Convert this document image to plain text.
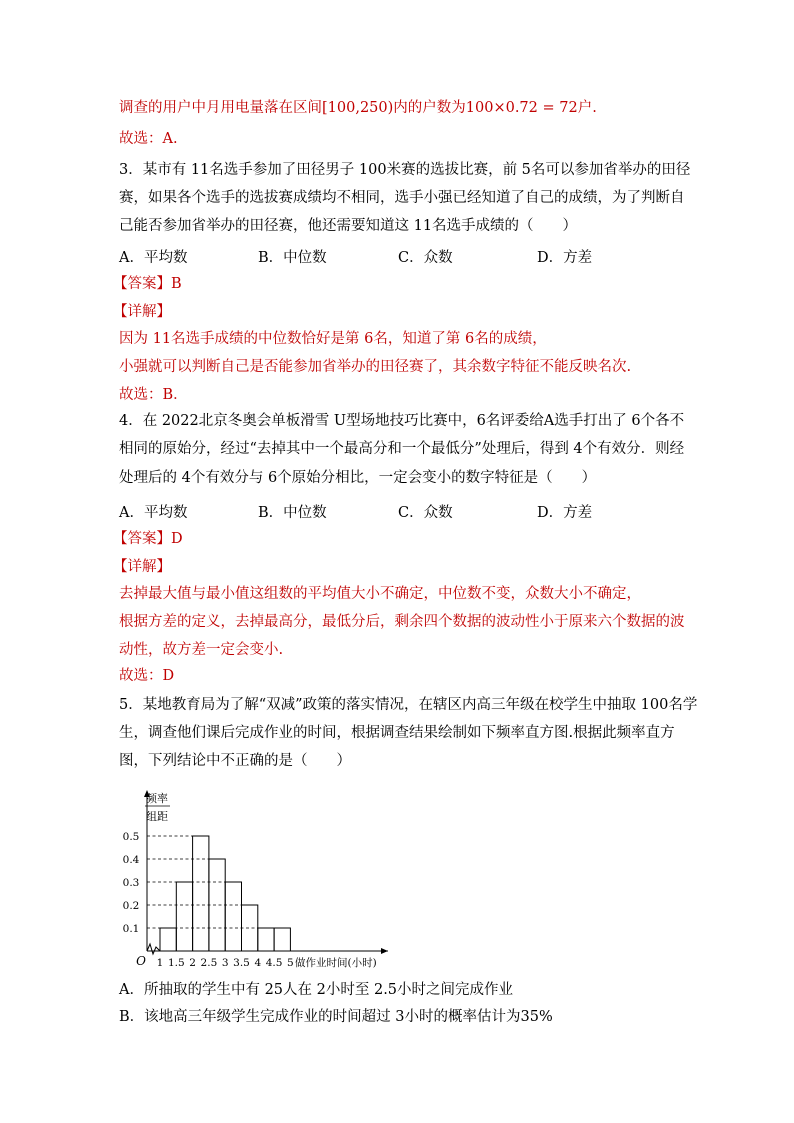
调查的用户中月用电量落在区间[100,250)内的户数为100×0.72 = 72户.
故选：A.
3．某市有 11名选手参加了田径男子 100米赛的选拔比赛，前 5名可以参加省举办的田径
赛，如果各个选手的选拔赛成绩均不相同，选手小强已经知道了自己的成绩，为了判断自
己能否参加省举办的田径赛，他还需要知道这 11名选手成绩的（　　）
A．平均数	B．中位数	C．众数	D．方差
【答案】B
【详解】
因为 11名选手成绩的中位数恰好是第 6名，知道了第 6名的成绩，
小强就可以判断自己是否能参加省举办的田径赛了，其余数字特征不能反映名次.
故选：B．
4．在 2022北京冬奥会单板滑雪 U型场地技巧比赛中，6名评委给A选手打出了 6个各不
相同的原始分，经过“去掉其中一个最高分和一个最低分”处理后，得到 4个有效分．则经
处理后的 4个有效分与 6个原始分相比，一定会变小的数字特征是（　　）
A．平均数	B．中位数	C．众数	D．方差
【答案】D
【详解】
去掉最大值与最小值这组数的平均值大小不确定，中位数不变，众数大小不确定，
根据方差的定义，去掉最高分，最低分后，剩余四个数据的波动性小于原来六个数据的波
动性，故方差一定会变小.
故选：D
5．某地教育局为了解“双减”政策的落实情况，在辖区内高三年级在校学生中抽取 100名学
生，调查他们课后完成作业的时间，根据调查结果绘制如下频率直方图.根据此频率直方
图，下列结论中不正确的是（　　）
频率
组距
O
0.1
0.2
0.3
0.4
0.5
1 1.5 2 2.5 3 3.5 4 4.5 5 做作业时间(小时)
A．所抽取的学生中有 25人在 2小时至 2.5小时之间完成作业
B．该地高三年级学生完成作业的时间超过 3小时的概率估计为35%
